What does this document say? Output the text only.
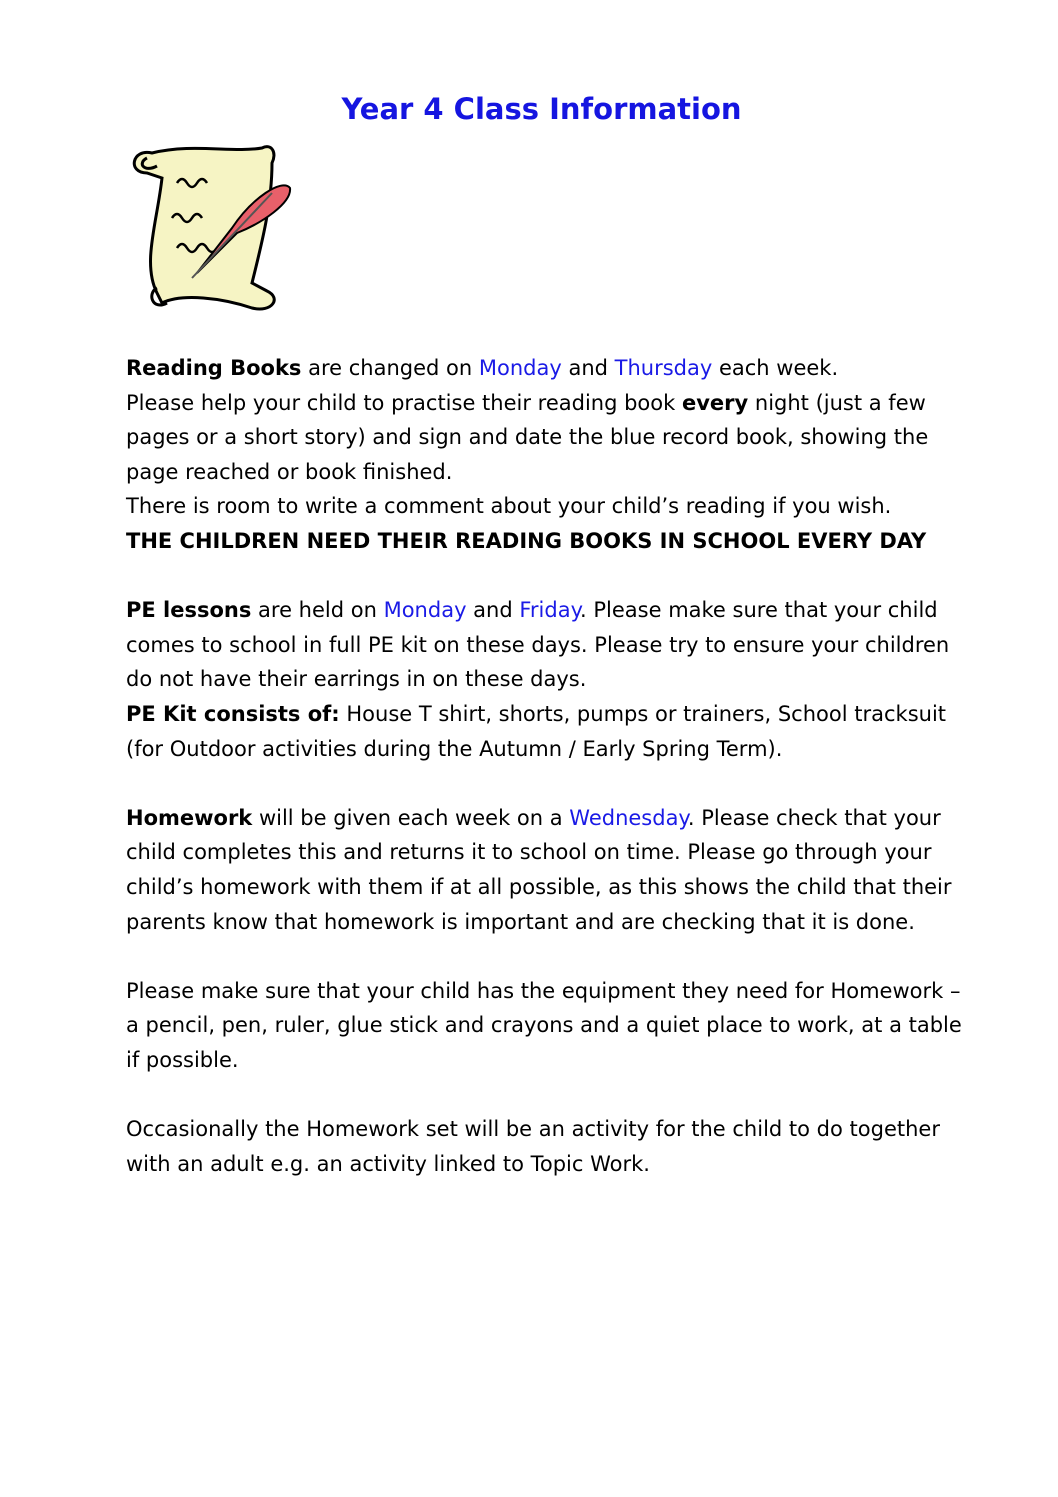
Year 4 Class Information

Reading Books are changed on Monday and Thursday each week.
Please help your child to practise their reading book every night (just a few pages or a short story) and sign and date the blue record book, showing the page reached or book finished.
There is room to write a comment about your child’s reading if you wish.
THE CHILDREN NEED THEIR READING BOOKS IN SCHOOL EVERY DAY

PE lessons are held on Monday and Friday. Please make sure that your child comes to school in full PE kit on these days. Please try to ensure your children do not have their earrings in on these days.
PE Kit consists of: House T shirt, shorts, pumps or trainers, School tracksuit (for Outdoor activities during the Autumn / Early Spring Term).

Homework will be given each week on a Wednesday. Please check that your child completes this and returns it to school on time. Please go through your child’s homework with them if at all possible, as this shows the child that their parents know that homework is important and are checking that it is done.

Please make sure that your child has the equipment they need for Homework – a pencil, pen, ruler, glue stick and crayons and a quiet place to work, at a table if possible.

Occasionally the Homework set will be an activity for the child to do together with an adult e.g. an activity linked to Topic Work.
